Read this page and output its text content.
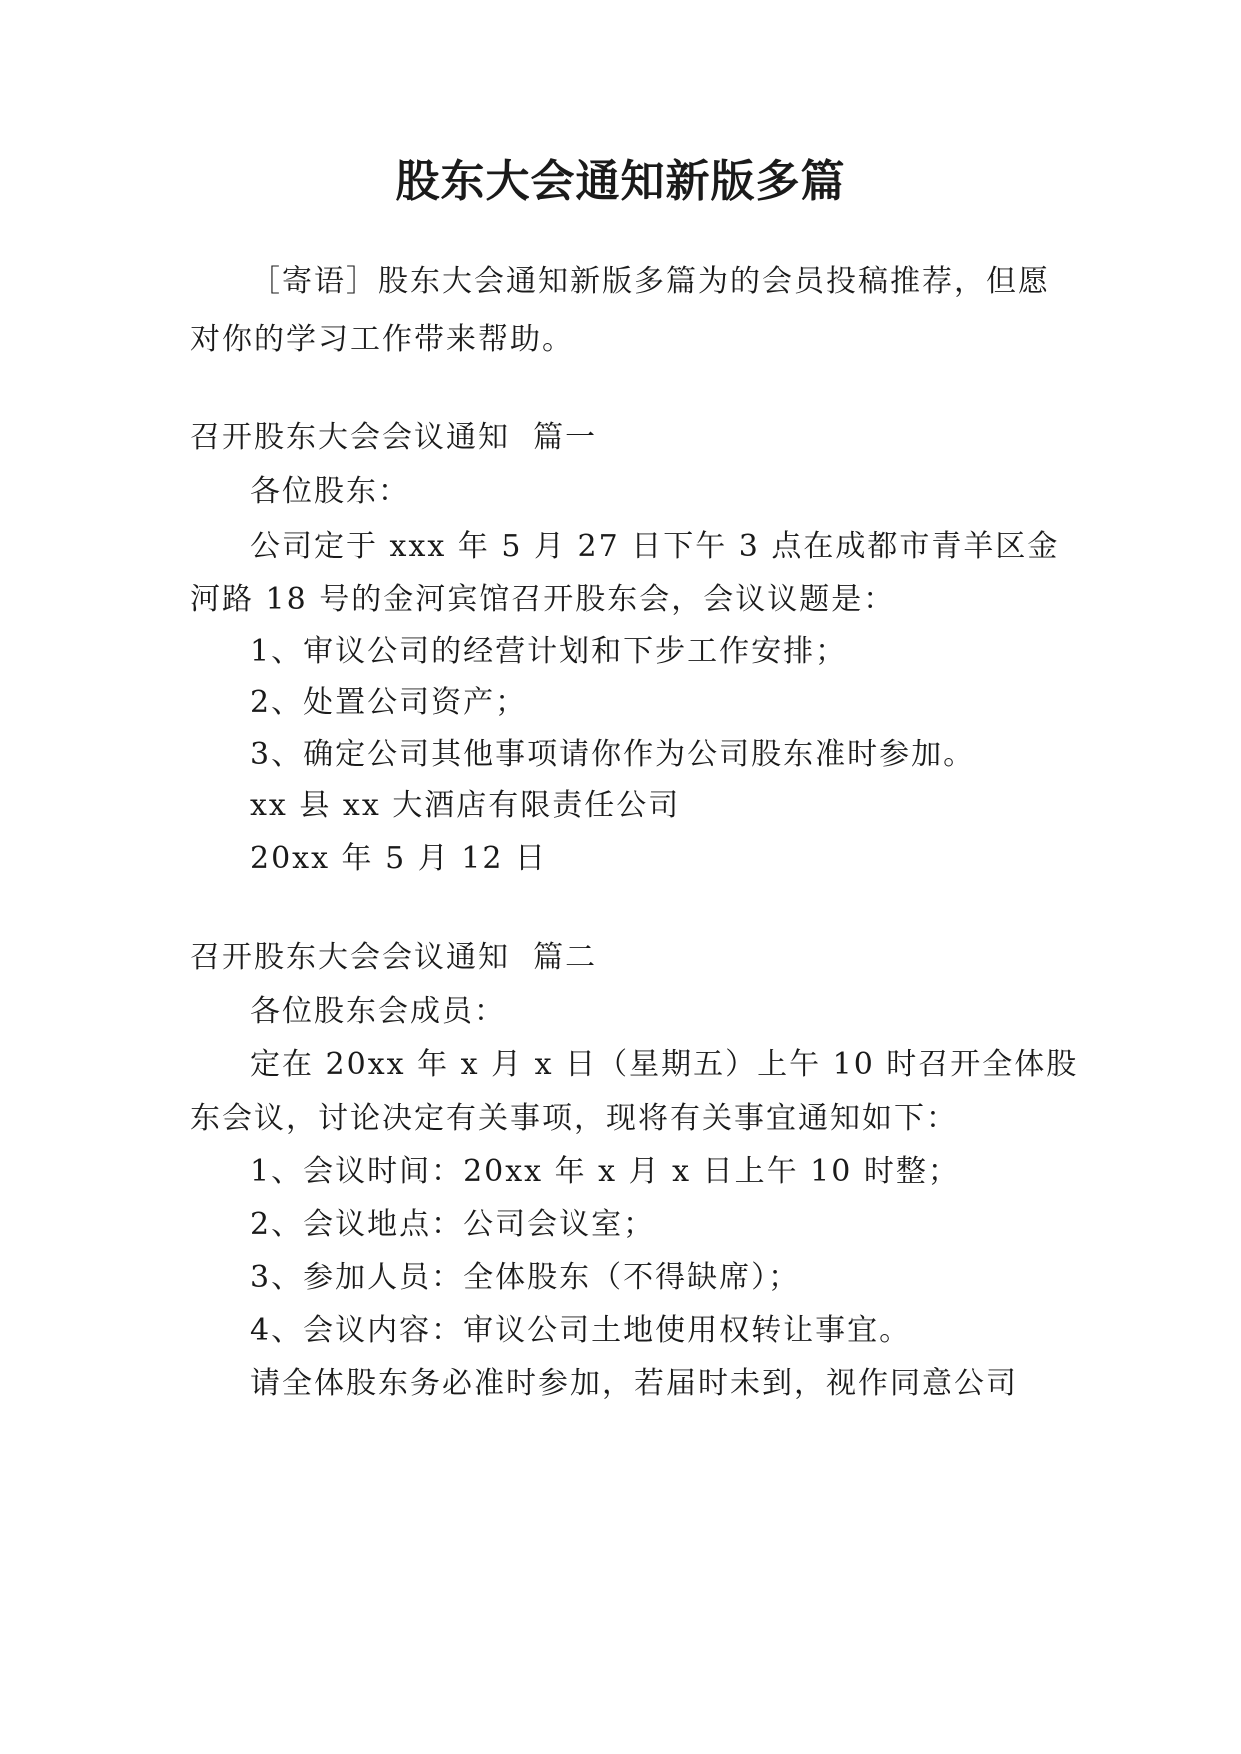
股东大会通知新版多篇

［寄语］股东大会通知新版多篇为的会员投稿推荐，但愿

对你的学习工作带来帮助。

召开股东大会会议通知  篇一

各位股东：

公司定于 xxx 年 5 月 27 日下午 3 点在成都市青羊区金

河路 18 号的金河宾馆召开股东会，会议议题是：

1、审议公司的经营计划和下步工作安排；

2、处置公司资产；

3、确定公司其他事项请你作为公司股东准时参加。

xx 县 xx 大酒店有限责任公司

20xx 年 5 月 12 日

召开股东大会会议通知  篇二

各位股东会成员：

定在 20xx 年 x 月 x 日（星期五）上午 10 时召开全体股

东会议，讨论决定有关事项，现将有关事宜通知如下：

1、会议时间：20xx 年 x 月 x 日上午 10 时整；

2、会议地点：公司会议室；

3、参加人员：全体股东（不得缺席）；

4、会议内容：审议公司土地使用权转让事宜。

请全体股东务必准时参加，若届时未到，视作同意公司
